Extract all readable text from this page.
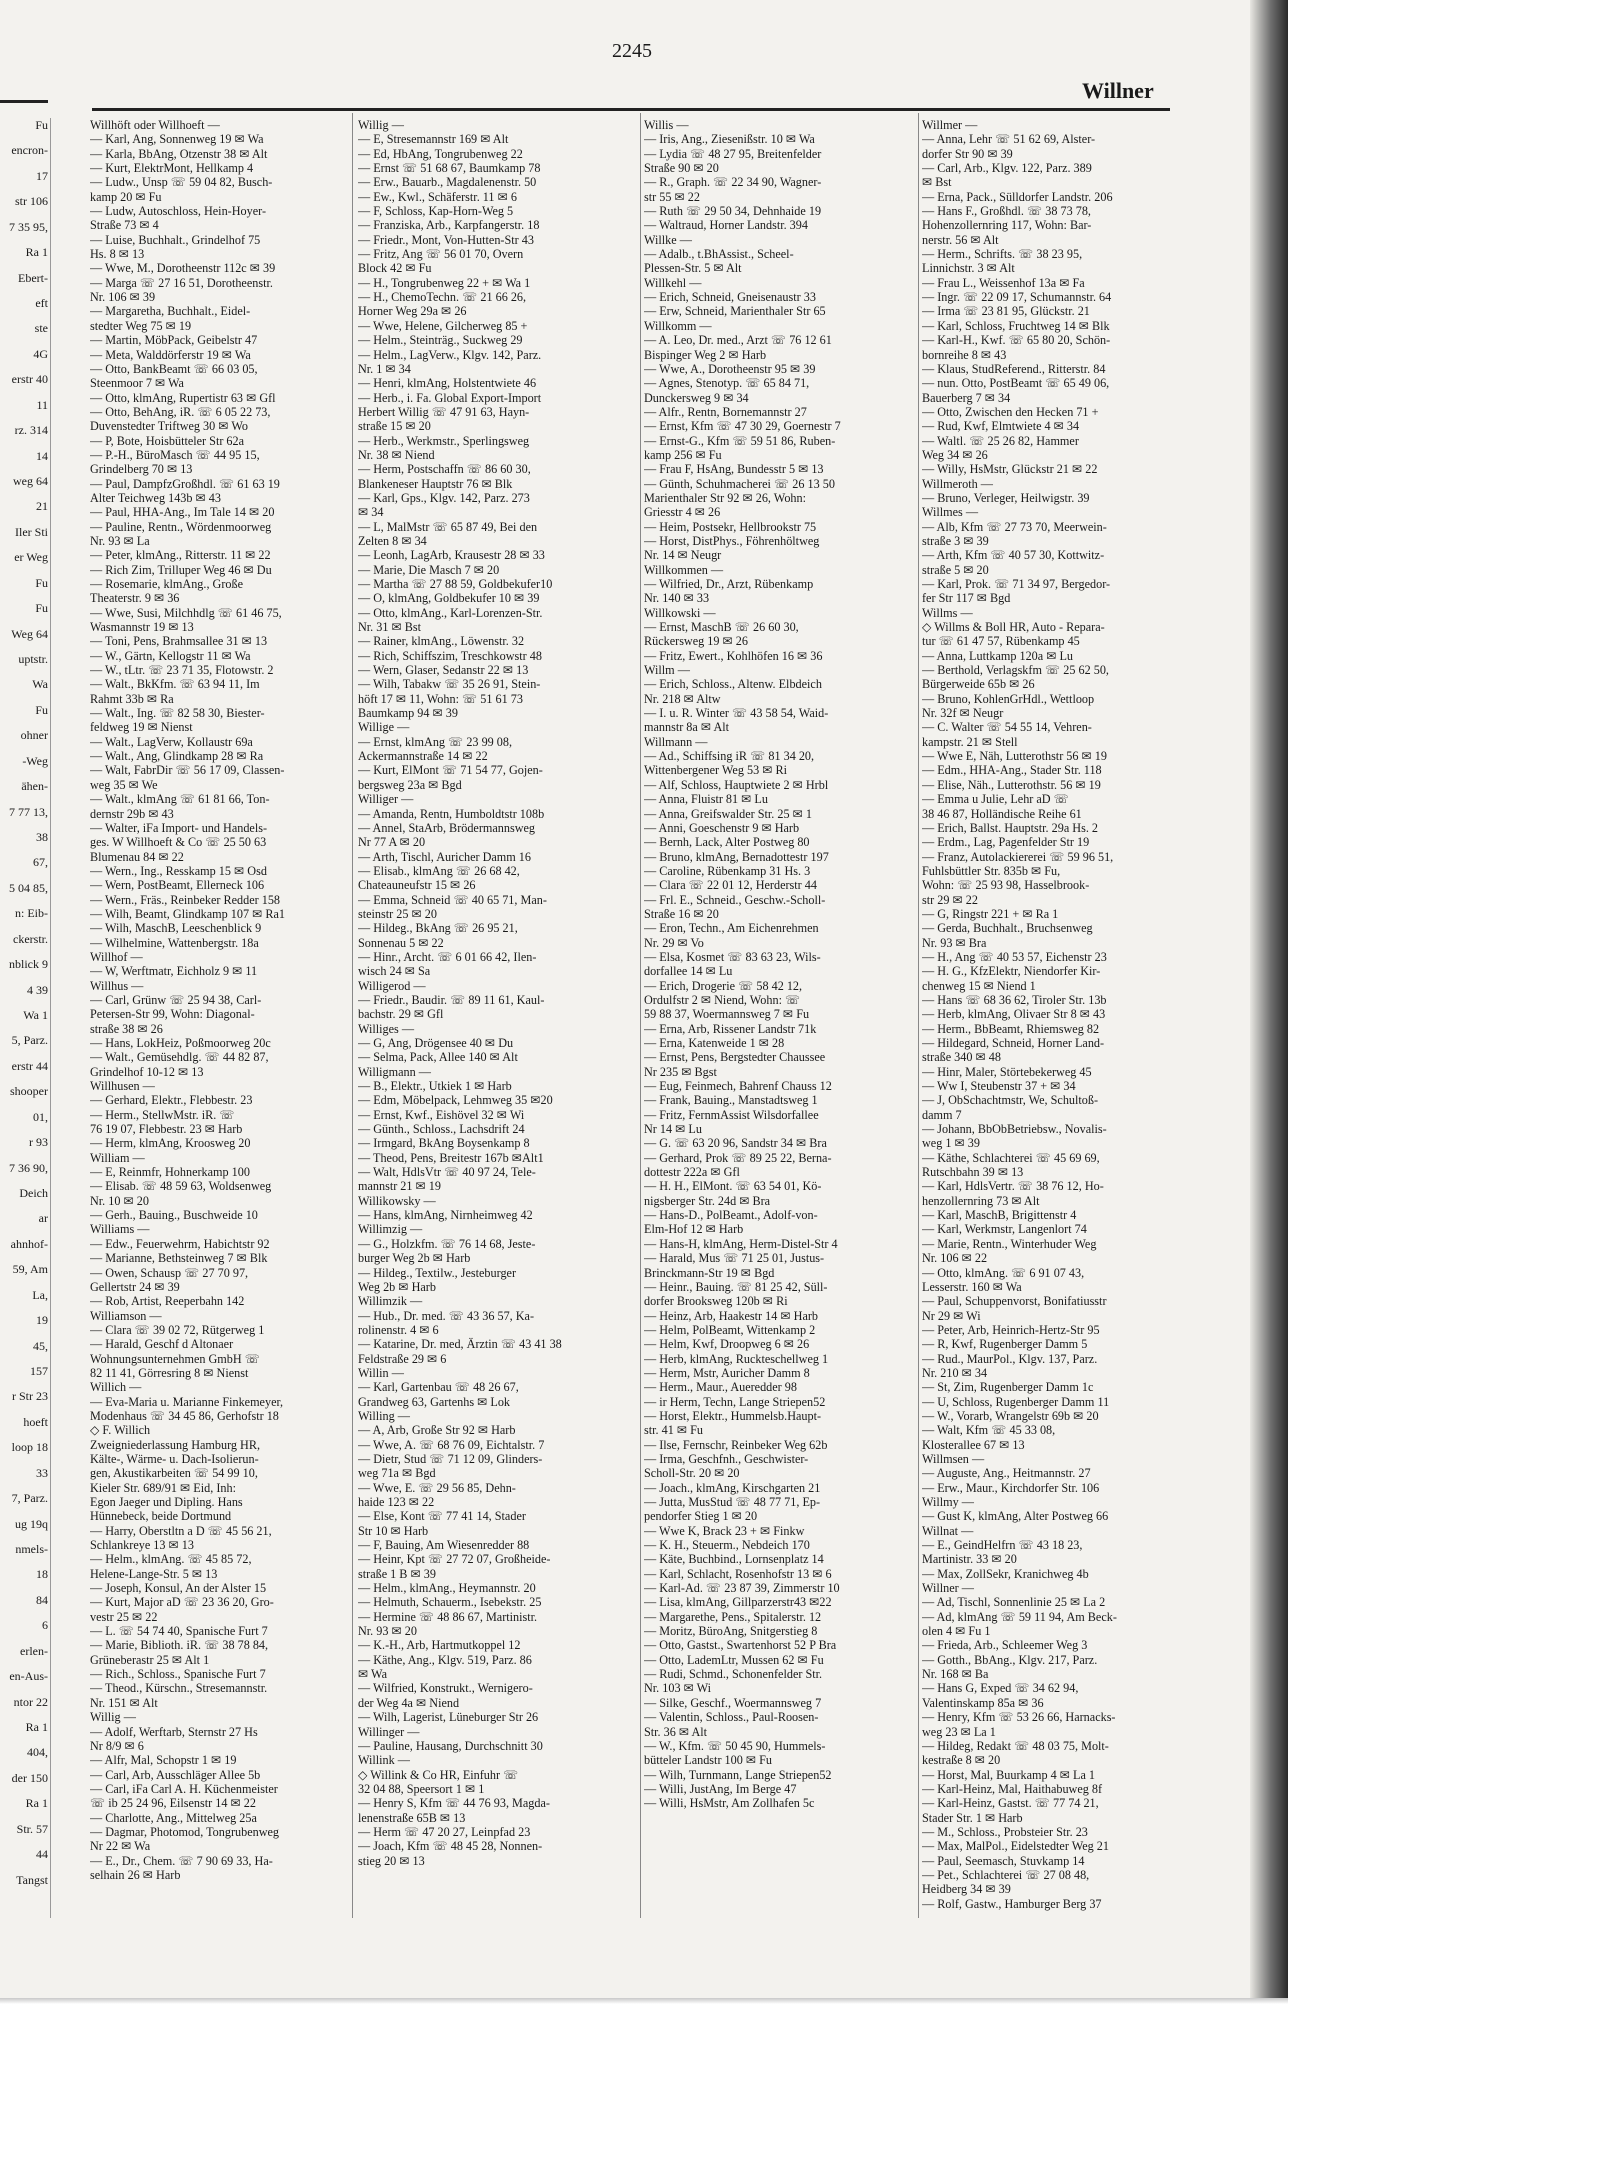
2245
Willner
Fu
encron-
17
str 106
7 35 95,
Ra 1
Ebert-
eft
ste
4G
erstr 40
11
rz. 314
14
weg 64
21
Iler Sti
er Weg
Fu
Fu
Weg 64
uptstr.
Wa
Fu
ohner
-Weg
ähen-
7 77 13,
38
67,
5 04 85,
n: Eib-
ckerstr.
nblick 9
4 39
Wa 1
5, Parz.
erstr 44
shooper
01,
r 93
7 36 90,
Deich
ar
ahnhof-
59, Am
La,
19
45,
157
r Str 23
hoeft
loop 18
33
7, Parz.
ug 19q
nmels-
18
84
6
erlen-
en-Aus-
ntor 22
Ra 1
404,
der 150
Ra 1
Str. 57
44
Tangst
Willhöft oder Willhoeft —
— Karl, Ang, Sonnenweg 19 ✉ Wa
— Karla, BbAng, Otzenstr 38 ✉ Alt
— Kurt, ElektrMont, Hellkamp 4
— Ludw., Unsp ☏ 59 04 82, Busch-
kamp 20 ✉ Fu
— Ludw, Autoschloss, Hein-Hoyer-
Straße 73 ✉ 4
— Luise, Buchhalt., Grindelhof 75
Hs. 8 ✉ 13
— Wwe, M., Dorotheenstr 112c ✉ 39
— Marga ☏ 27 16 51, Dorotheenstr.
Nr. 106 ✉ 39
— Margaretha, Buchhalt., Eidel-
stedter Weg 75 ✉ 19
— Martin, MöbPack, Geibelstr 47
— Meta, Walddörferstr 19 ✉ Wa
— Otto, BankBeamt ☏ 66 03 05,
Steenmoor 7 ✉ Wa
— Otto, klmAng, Rupertistr 63 ✉ Gfl
— Otto, BehAng, iR. ☏ 6 05 22 73,
Duvenstedter Triftweg 30 ✉ Wo
— P, Bote, Hoisbütteler Str 62a
— P.-H., BüroMasch ☏ 44 95 15,
Grindelberg 70 ✉ 13
— Paul, DampfzGroßhdl. ☏ 61 63 19
Alter Teichweg 143b ✉ 43
— Paul, HHA-Ang., Im Tale 14 ✉ 20
— Pauline, Rentn., Wördenmoorweg
Nr. 93 ✉ La
— Peter, klmAng., Ritterstr. 11 ✉ 22
— Rich Zim, Trilluper Weg 46 ✉ Du
— Rosemarie, klmAng., Große
Theaterstr. 9 ✉ 36
— Wwe, Susi, Milchhdlg ☏ 61 46 75,
Wasmannstr 19 ✉ 13
— Toni, Pens, Brahmsallee 31 ✉ 13
— W., Gärtn, Kellogstr 11 ✉ Wa
— W., tLtr. ☏ 23 71 35, Flotowstr. 2
— Walt., BkKfm. ☏ 63 94 11, Im
Rahmt 33b ✉ Ra
— Walt., Ing. ☏ 82 58 30, Biester-
feldweg 19 ✉ Nienst
— Walt., LagVerw, Kollaustr 69a
— Walt., Ang, Glindkamp 28 ✉ Ra
— Walt, FabrDir ☏ 56 17 09, Classen-
weg 35 ✉ We
— Walt., klmAng ☏ 61 81 66, Ton-
dernstr 29b ✉ 43
— Walter, iFa Import- und Handels-
ges. W Willhoeft & Co ☏ 25 50 63
Blumenau 84 ✉ 22
— Wern., Ing., Resskamp 15 ✉ Osd
— Wern, PostBeamt, Ellerneck 106
— Wern., Fräs., Reinbeker Redder 158
— Wilh, Beamt, Glindkamp 107 ✉ Ra1
— Wilh, MaschB, Leeschenblick 9
— Wilhelmine, Wattenbergstr. 18a
Willhof —
— W, Werftmatr, Eichholz 9 ✉ 11
Willhus —
— Carl, Grünw ☏ 25 94 38, Carl-
Petersen-Str 99, Wohn: Diagonal-
straße 38 ✉ 26
— Hans, LokHeiz, Poßmoorweg 20c
— Walt., Gemüsehdlg. ☏ 44 82 87,
Grindelhof 10-12 ✉ 13
Willhusen —
— Gerhard, Elektr., Flebbestr. 23
— Herm., StellwMstr. iR. ☏
76 19 07, Flebbestr. 23 ✉ Harb
— Herm, klmAng, Kroosweg 20
William —
— E, Reinmfr, Hohnerkamp 100
— Elisab. ☏ 48 59 63, Woldsenweg
Nr. 10 ✉ 20
— Gerh., Bauing., Buschweide 10
Williams —
— Edw., Feuerwehrm, Habichtstr 92
— Marianne, Bethsteinweg 7 ✉ Blk
— Owen, Schausp ☏ 27 70 97,
Gellertstr 24 ✉ 39
— Rob, Artist, Reeperbahn 142
Williamson —
— Clara ☏ 39 02 72, Rütgerweg 1
— Harald, Geschf d Altonaer
Wohnungsunternehmen GmbH ☏
82 11 41, Görresring 8 ✉ Nienst
Willich —
— Eva-Maria u. Marianne Finkemeyer,
Modenhaus ☏ 34 45 86, Gerhofstr 18
◇ F. Willich
Zweigniederlassung Hamburg HR,
Kälte-, Wärme- u. Dach-Isolierun-
gen, Akustikarbeiten ☏ 54 99 10,
Kieler Str. 689/91 ✉ Eid, Inh:
Egon Jaeger und Dipling. Hans
Hünnebeck, beide Dortmund
— Harry, Oberstltn a D ☏ 45 56 21,
Schlankreye 13 ✉ 13
— Helm., klmAng. ☏ 45 85 72,
Helene-Lange-Str. 5 ✉ 13
— Joseph, Konsul, An der Alster 15
— Kurt, Major aD ☏ 23 36 20, Gro-
vestr 25 ✉ 22
— L. ☏ 54 74 40, Spanische Furt 7
— Marie, Biblioth. iR. ☏ 38 78 84,
Grüneberastr 25 ✉ Alt 1
— Rich., Schloss., Spanische Furt 7
— Theod., Kürschn., Stresemannstr.
Nr. 151 ✉ Alt
Willig —
— Adolf, Werftarb, Sternstr 27 Hs
Nr 8/9 ✉ 6
— Alfr, Mal, Schopstr 1 ✉ 19
— Carl, Arb, Ausschläger Allee 5b
— Carl, iFa Carl A. H. Küchenmeister
☏ ib 25 24 96, Eilsenstr 14 ✉ 22
— Charlotte, Ang., Mittelweg 25a
— Dagmar, Photomod, Tongrubenweg
Nr 22 ✉ Wa
— E., Dr., Chem. ☏ 7 90 69 33, Ha-
selhain 26 ✉ Harb
Willig —
— E, Stresemannstr 169 ✉ Alt
— Ed, HbAng, Tongrubenweg 22
— Ernst ☏ 51 68 67, Baumkamp 78
— Erw., Bauarb., Magdalenenstr. 50
— Ew., Kwl., Schäferstr. 11 ✉ 6
— F, Schloss, Kap-Horn-Weg 5
— Franziska, Arb., Karpfangerstr. 18
— Friedr., Mont, Von-Hutten-Str 43
— Fritz, Ang ☏ 56 01 70, Overn
Block 42 ✉ Fu
— H., Tongrubenweg 22 + ✉ Wa 1
— H., ChemoTechn. ☏ 21 66 26,
Horner Weg 29a ✉ 26
— Wwe, Helene, Gilcherweg 85 +
— Helm., Steinträg., Suckweg 29
— Helm., LagVerw., Klgv. 142, Parz.
Nr. 1 ✉ 34
— Henri, klmAng, Holstentwiete 46
— Herb., i. Fa. Global Export-Import
Herbert Willig ☏ 47 91 63, Hayn-
straße 15 ✉ 20
— Herb., Werkmstr., Sperlingsweg
Nr. 38 ✉ Niend
— Herm, Postschaffn ☏ 86 60 30,
Blankeneser Hauptstr 76 ✉ Blk
— Karl, Gps., Klgv. 142, Parz. 273
✉ 34
— L, MalMstr ☏ 65 87 49, Bei den
Zelten 8 ✉ 34
— Leonh, LagArb, Krausestr 28 ✉ 33
— Marie, Die Masch 7 ✉ 20
— Martha ☏ 27 88 59, Goldbekufer10
— O, klmAng, Goldbekufer 10 ✉ 39
— Otto, klmAng., Karl-Lorenzen-Str.
Nr. 31 ✉ Bst
— Rainer, klmAng., Löwenstr. 32
— Rich, Schiffszim, Treschkowstr 48
— Wern, Glaser, Sedanstr 22 ✉ 13
— Wilh, Tabakw ☏ 35 26 91, Stein-
höft 17 ✉ 11, Wohn: ☏ 51 61 73
Baumkamp 94 ✉ 39
Willige —
— Ernst, klmAng ☏ 23 99 08,
Ackermannstraße 14 ✉ 22
— Kurt, ElMont ☏ 71 54 77, Gojen-
bergsweg 23a ✉ Bgd
Williger —
— Amanda, Rentn, Humboldtstr 108b
— Annel, StaArb, Brödermannsweg
Nr 77 A ✉ 20
— Arth, Tischl, Auricher Damm 16
— Elisab., klmAng ☏ 26 68 42,
Chateauneufstr 15 ✉ 26
— Emma, Schneid ☏ 40 65 71, Man-
steinstr 25 ✉ 20
— Hildeg., BkAng ☏ 26 95 21,
Sonnenau 5 ✉ 22
— Hinr., Archt. ☏ 6 01 66 42, Ilen-
wisch 24 ✉ Sa
Willigerod —
— Friedr., Baudir. ☏ 89 11 61, Kaul-
bachstr. 29 ✉ Gfl
Williges —
— G, Ang, Drögensee 40 ✉ Du
— Selma, Pack, Allee 140 ✉ Alt
Willigmann —
— B., Elektr., Utkiek 1 ✉ Harb
— Edm, Möbelpack, Lehmweg 35 ✉20
— Ernst, Kwf., Eishövel 32 ✉ Wi
— Günth., Schloss., Lachsdrift 24
— Irmgard, BkAng Boysenkamp 8
— Theod, Pens, Breitestr 167b ✉Alt1
— Walt, HdlsVtr ☏ 40 97 24, Tele-
mannstr 21 ✉ 19
Willikowsky —
— Hans, klmAng, Nirnheimweg 42
Willimzig —
— G., Holzkfm. ☏ 76 14 68, Jeste-
burger Weg 2b ✉ Harb
— Hildeg., Textilw., Jesteburger
Weg 2b ✉ Harb
Willimzik —
— Hub., Dr. med. ☏ 43 36 57, Ka-
rolinenstr. 4 ✉ 6
— Katarine, Dr. med, Ärztin ☏ 43 41 38
Feldstraße 29 ✉ 6
Willin —
— Karl, Gartenbau ☏ 48 26 67,
Grandweg 63, Gartenhs ✉ Lok
Willing —
— A, Arb, Große Str 92 ✉ Harb
— Wwe, A. ☏ 68 76 09, Eichtalstr. 7
— Dietr, Stud ☏ 71 12 09, Glinders-
weg 71a ✉ Bgd
— Wwe, E. ☏ 29 56 85, Dehn-
haide 123 ✉ 22
— Else, Kont ☏ 77 41 14, Stader
Str 10 ✉ Harb
— F, Bauing, Am Wiesenredder 88
— Heinr, Kpt ☏ 27 72 07, Großheide-
straße 1 B ✉ 39
— Helm., klmAng., Heymannstr. 20
— Helmuth, Schauerm., Isebekstr. 25
— Hermine ☏ 48 86 67, Martinistr.
Nr. 93 ✉ 20
— K.-H., Arb, Hartmutkoppel 12
— Käthe, Ang., Klgv. 519, Parz. 86
✉ Wa
— Wilfried, Konstrukt., Wernigero-
der Weg 4a ✉ Niend
— Wilh, Lagerist, Lüneburger Str 26
Willinger —
— Pauline, Hausang, Durchschnitt 30
Willink —
◇ Willink & Co HR, Einfuhr ☏
32 04 88, Speersort 1 ✉ 1
— Henry S, Kfm ☏ 44 76 93, Magda-
lenenstraße 65B ✉ 13
— Herm ☏ 47 20 27, Leinpfad 23
— Joach, Kfm ☏ 48 45 28, Nonnen-
stieg 20 ✉ 13
Willis —
— Iris, Ang., Ziesenißstr. 10 ✉ Wa
— Lydia ☏ 48 27 95, Breitenfelder
Straße 90 ✉ 20
— R., Graph. ☏ 22 34 90, Wagner-
str 55 ✉ 22
— Ruth ☏ 29 50 34, Dehnhaide 19
— Waltraud, Horner Landstr. 394
Willke —
— Adalb., t.BhAssist., Scheel-
Plessen-Str. 5 ✉ Alt
Willkehl —
— Erich, Schneid, Gneisenaustr 33
— Erw, Schneid, Marienthaler Str 65
Willkomm —
— A. Leo, Dr. med., Arzt ☏ 76 12 61
Bispinger Weg 2 ✉ Harb
— Wwe, A., Dorotheenstr 95 ✉ 39
— Agnes, Stenotyp. ☏ 65 84 71,
Dunckersweg 9 ✉ 34
— Alfr., Rentn, Bornemannstr 27
— Ernst, Kfm ☏ 47 30 29, Goernestr 7
— Ernst-G., Kfm ☏ 59 51 86, Ruben-
kamp 256 ✉ Fu
— Frau F, HsAng, Bundesstr 5 ✉ 13
— Günth, Schuhmacherei ☏ 26 13 50
Marienthaler Str 92 ✉ 26, Wohn:
Griesstr 4 ✉ 26
— Heim, Postsekr, Hellbrookstr 75
— Horst, DistPhys., Föhrenhöltweg
Nr. 14 ✉ Neugr
Willkommen —
— Wilfried, Dr., Arzt, Rübenkamp
Nr. 140 ✉ 33
Willkowski —
— Ernst, MaschB ☏ 26 60 30,
Rückersweg 19 ✉ 26
— Fritz, Ewert., Kohlhöfen 16 ✉ 36
Willm —
— Erich, Schloss., Altenw. Elbdeich
Nr. 218 ✉ Altw
— I. u. R. Winter ☏ 43 58 54, Waid-
mannstr 8a ✉ Alt
Willmann —
— Ad., Schiffsing iR ☏ 81 34 20,
Wittenbergener Weg 53 ✉ Ri
— Alf, Schloss, Hauptwiete 2 ✉ Hrbl
— Anna, Fluistr 81 ✉ Lu
— Anna, Greifswalder Str. 25 ✉ 1
— Anni, Goeschenstr 9 ✉ Harb
— Bernh, Lack, Alter Postweg 80
— Bruno, klmAng, Bernadottestr 197
— Caroline, Rübenkamp 31 Hs. 3
— Clara ☏ 22 01 12, Herderstr 44
— Frl. E., Schneid., Geschw.-Scholl-
Straße 16 ✉ 20
— Eron, Techn., Am Eichenrehmen
Nr. 29 ✉ Vo
— Elsa, Kosmet ☏ 83 63 23, Wils-
dorfallee 14 ✉ Lu
— Erich, Drogerie ☏ 58 42 12,
Ordulfstr 2 ✉ Niend, Wohn: ☏
59 88 37, Woermannsweg 7 ✉ Fu
— Erna, Arb, Rissener Landstr 71k
— Erna, Katenweide 1 ✉ 28
— Ernst, Pens, Bergstedter Chaussee
Nr 235 ✉ Bgst
— Eug, Feinmech, Bahrenf Chauss 12
— Frank, Bauing., Manstadtsweg 1
— Fritz, FernmAssist Wilsdorfallee
Nr 14 ✉ Lu
— G. ☏ 63 20 96, Sandstr 34 ✉ Bra
— Gerhard, Prok ☏ 89 25 22, Berna-
dottestr 222a ✉ Gfl
— H. H., ElMont. ☏ 63 54 01, Kö-
nigsberger Str. 24d ✉ Bra
— Hans-D., PolBeamt., Adolf-von-
Elm-Hof 12 ✉ Harb
— Hans-H, klmAng, Herm-Distel-Str 4
— Harald, Mus ☏ 71 25 01, Justus-
Brinckmann-Str 19 ✉ Bgd
— Heinr., Bauing. ☏ 81 25 42, Süll-
dorfer Brooksweg 120b ✉ Ri
— Heinz, Arb, Haakestr 14 ✉ Harb
— Helm, PolBeamt, Wittenkamp 2
— Helm, Kwf, Droopweg 6 ✉ 26
— Herb, klmAng, Ruckteschellweg 1
— Herm, Mstr, Auricher Damm 8
— Herm., Maur., Aueredder 98
— ir Herm, Techn, Lange Striepen52
— Horst, Elektr., Hummelsb.Haupt-
str. 41 ✉ Fu
— Ilse, Fernschr, Reinbeker Weg 62b
— Irma, Geschfnh., Geschwister-
Scholl-Str. 20 ✉ 20
— Joach., klmAng, Kirschgarten 21
— Jutta, MusStud ☏ 48 77 71, Ep-
pendorfer Stieg 1 ✉ 20
— Wwe K, Brack 23 + ✉ Finkw
— K. H., Steuerm., Nebdeich 170
— Käte, Buchbind., Lornsenplatz 14
— Karl, Schlacht, Rosenhofstr 13 ✉ 6
— Karl-Ad. ☏ 23 87 39, Zimmerstr 10
— Lisa, klmAng, Gillparzerstr43 ✉22
— Margarethe, Pens., Spitalerstr. 12
— Moritz, BüroAng, Snitgerstieg 8
— Otto, Gastst., Swartenhorst 52 P Bra
— Otto, LademLtr, Mussen 62 ✉ Fu
— Rudi, Schmd., Schonenfelder Str.
Nr. 103 ✉ Wi
— Silke, Geschf., Woermannsweg 7
— Valentin, Schloss., Paul-Roosen-
Str. 36 ✉ Alt
— W., Kfm. ☏ 50 45 90, Hummels-
bütteler Landstr 100 ✉ Fu
— Wilh, Turnmann, Lange Striepen52
— Willi, JustAng, Im Berge 47
— Willi, HsMstr, Am Zollhafen 5c
Willmer —
— Anna, Lehr ☏ 51 62 69, Alster-
dorfer Str 90 ✉ 39
— Carl, Arb., Klgv. 122, Parz. 389
✉ Bst
— Erna, Pack., Sülldorfer Landstr. 206
— Hans F., Großhdl. ☏ 38 73 78,
Hohenzollernring 117, Wohn: Bar-
nerstr. 56 ✉ Alt
— Herm., Schrifts. ☏ 38 23 95,
Linnichstr. 3 ✉ Alt
— Frau L., Weissenhof 13a ✉ Fa
— Ingr. ☏ 22 09 17, Schumannstr. 64
— Irma ☏ 23 81 95, Glückstr. 21
— Karl, Schloss, Fruchtweg 14 ✉ Blk
— Karl-H., Kwf. ☏ 65 80 20, Schön-
bornreihe 8 ✉ 43
— Klaus, StudReferend., Ritterstr. 84
— nun. Otto, PostBeamt ☏ 65 49 06,
Bauerberg 7 ✉ 34
— Otto, Zwischen den Hecken 71 +
— Rud, Kwf, Elmtwiete 4 ✉ 34
— Waltl. ☏ 25 26 82, Hammer
Weg 34 ✉ 26
— Willy, HsMstr, Glückstr 21 ✉ 22
Willmeroth —
— Bruno, Verleger, Heilwigstr. 39
Willmes —
— Alb, Kfm ☏ 27 73 70, Meerwein-
straße 3 ✉ 39
— Arth, Kfm ☏ 40 57 30, Kottwitz-
straße 5 ✉ 20
— Karl, Prok. ☏ 71 34 97, Bergedor-
fer Str 117 ✉ Bgd
Willms —
◇ Willms & Boll HR, Auto - Repara-
tur ☏ 61 47 57, Rübenkamp 45
— Anna, Luttkamp 120a ✉ Lu
— Berthold, Verlagskfm ☏ 25 62 50,
Bürgerweide 65b ✉ 26
— Bruno, KohlenGrHdl., Wettloop
Nr. 32f ✉ Neugr
— C. Walter ☏ 54 55 14, Vehren-
kampstr. 21 ✉ Stell
— Wwe E, Näh, Lutterothstr 56 ✉ 19
— Edm., HHA-Ang., Stader Str. 118
— Elise, Näh., Lutterothstr. 56 ✉ 19
— Emma u Julie, Lehr aD ☏
38 46 87, Holländische Reihe 61
— Erich, Ballst. Hauptstr. 29a Hs. 2
— Erdm., Lag, Pagenfelder Str 19
— Franz, Autolackiererei ☏ 59 96 51,
Fuhlsbüttler Str. 835b ✉ Fu,
Wohn: ☏ 25 93 98, Hasselbrook-
str 29 ✉ 22
— G, Ringstr 221 + ✉ Ra 1
— Gerda, Buchhalt., Bruchsenweg
Nr. 93 ✉ Bra
— H., Ang ☏ 40 53 57, Eichenstr 23
— H. G., KfzElektr, Niendorfer Kir-
chenweg 15 ✉ Niend 1
— Hans ☏ 68 36 62, Tiroler Str. 13b
— Herb, klmAng, Olivaer Str 8 ✉ 43
— Herm., BbBeamt, Rhiemsweg 82
— Hildegard, Schneid, Horner Land-
straße 340 ✉ 48
— Hinr, Maler, Störtebekerweg 45
— Ww I, Steubenstr 37 + ✉ 34
— J, ObSchachtmstr, We, Schultoß-
damm 7
— Johann, BbObBetriebsw., Novalis-
weg 1 ✉ 39
— Käthe, Schlachterei ☏ 45 69 69,
Rutschbahn 39 ✉ 13
— Karl, HdlsVertr. ☏ 38 76 12, Ho-
henzollernring 73 ✉ Alt
— Karl, MaschB, Brigittenstr 4
— Karl, Werkmstr, Langenlort 74
— Marie, Rentn., Winterhuder Weg
Nr. 106 ✉ 22
— Otto, klmAng. ☏ 6 91 07 43,
Lesserstr. 160 ✉ Wa
— Paul, Schuppenvorst, Bonifatiusstr
Nr 29 ✉ Wi
— Peter, Arb, Heinrich-Hertz-Str 95
— R, Kwf, Rugenberger Damm 5
— Rud., MaurPol., Klgv. 137, Parz.
Nr. 210 ✉ 34
— St, Zim, Rugenberger Damm 1c
— U, Schloss, Rugenberger Damm 11
— W., Vorarb, Wrangelstr 69b ✉ 20
— Walt, Kfm ☏ 45 33 08,
Klosterallee 67 ✉ 13
Willmsen —
— Auguste, Ang., Heitmannstr. 27
— Erw., Maur., Kirchdorfer Str. 106
Willmy —
— Gust K, klmAng, Alter Postweg 66
Willnat —
— E., GeindHelfrn ☏ 43 18 23,
Martinistr. 33 ✉ 20
— Max, ZollSekr, Kranichweg 4b
Willner —
— Ad, Tischl, Sonnenlinie 25 ✉ La 2
— Ad, klmAng ☏ 59 11 94, Am Beck-
olen 4 ✉ Fu 1
— Frieda, Arb., Schleemer Weg 3
— Gotth., BbAng., Klgv. 217, Parz.
Nr. 168 ✉ Ba
— Hans G, Exped ☏ 34 62 94,
Valentinskamp 85a ✉ 36
— Henry, Kfm ☏ 53 26 66, Harnacks-
weg 23 ✉ La 1
— Hildeg, Redakt ☏ 48 03 75, Molt-
kestraße 8 ✉ 20
— Horst, Mal, Buurkamp 4 ✉ La 1
— Karl-Heinz, Mal, Haithabuweg 8f
— Karl-Heinz, Gastst. ☏ 77 74 21,
Stader Str. 1 ✉ Harb
— M., Schloss., Probsteier Str. 23
— Max, MalPol., Eidelstedter Weg 21
— Paul, Seemasch, Stuvkamp 14
— Pet., Schlachterei ☏ 27 08 48,
Heidberg 34 ✉ 39
— Rolf, Gastw., Hamburger Berg 37
